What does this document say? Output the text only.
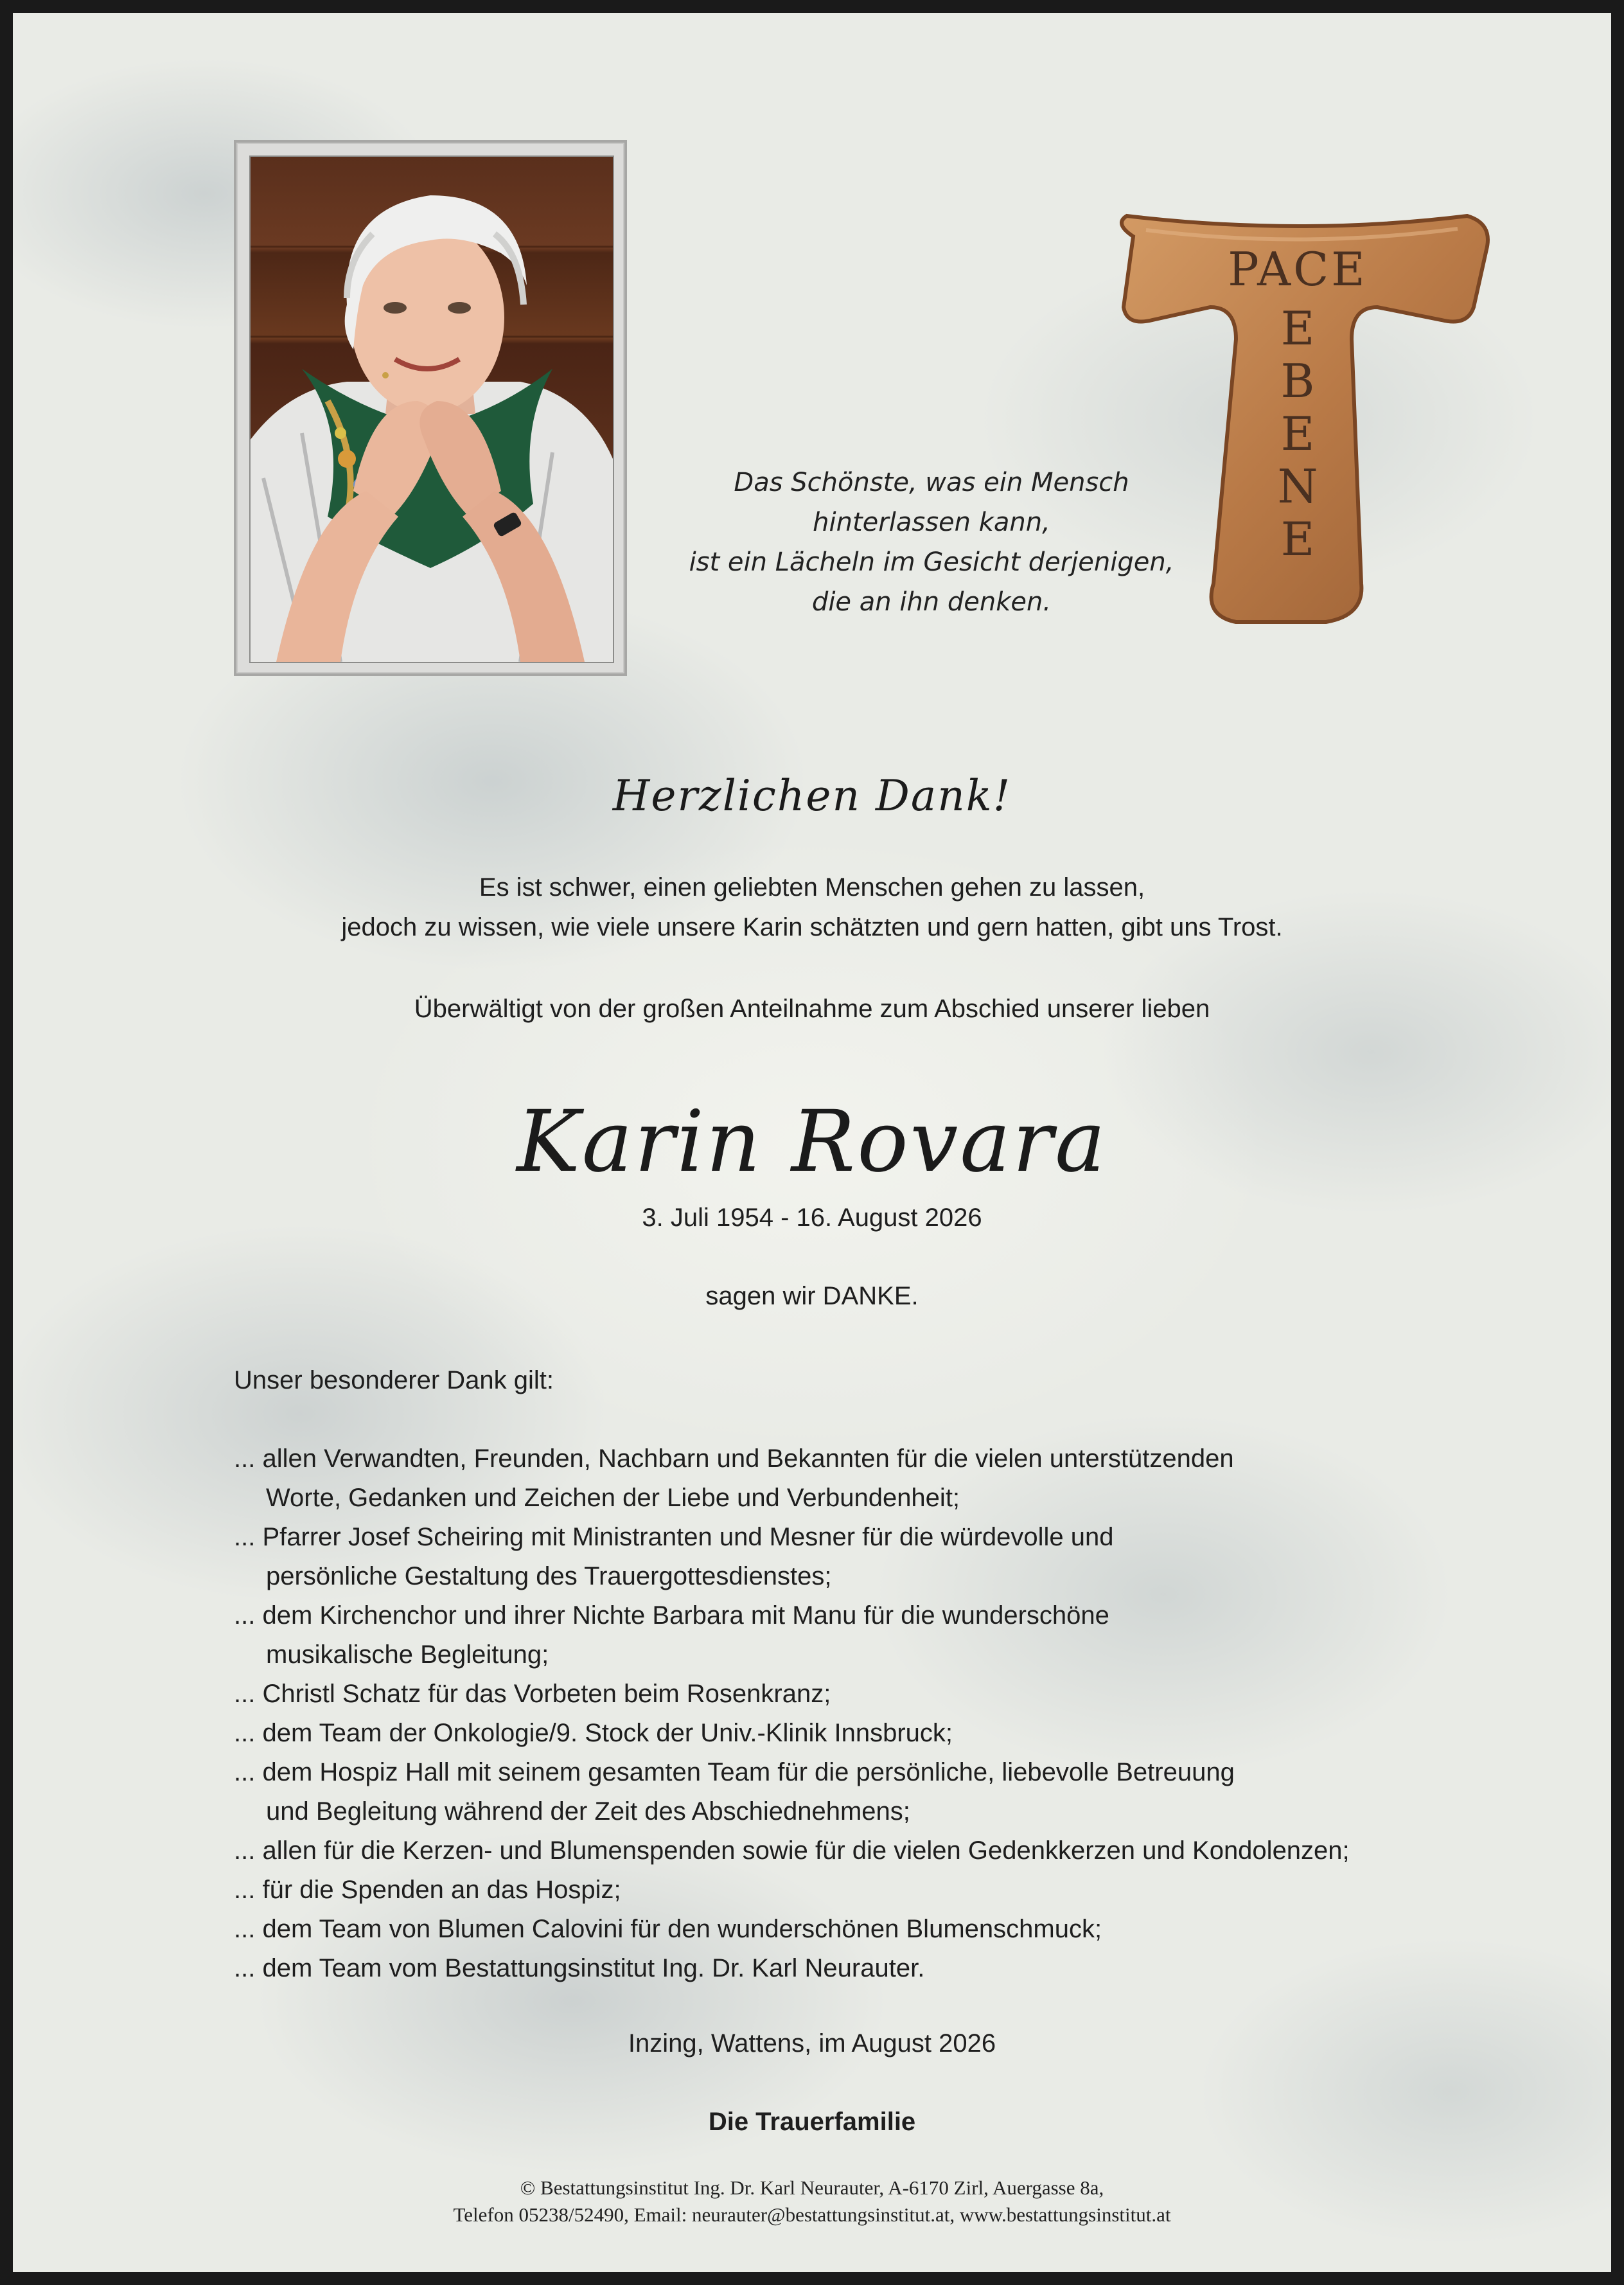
PACE
E
B
E
N
E
Das Schönste, was ein Mensch
hinterlassen kann,
ist ein Lächeln im Gesicht derjenigen,
die an ihn denken.
Herzlichen Dank!
Es ist schwer, einen geliebten Menschen gehen zu lassen,
jedoch zu wissen, wie viele unsere Karin schätzten und gern hatten, gibt uns Trost.
Überwältigt von der großen Anteilnahme zum Abschied unserer lieben
Karin Rovara
3. Juli 1954 - 16. August 2026
sagen wir DANKE.
Unser besonderer Dank gilt:
... allen Verwandten, Freunden, Nachbarn und Bekannten für die vielen unterstützenden
Worte, Gedanken und Zeichen der Liebe und Verbundenheit;
... Pfarrer Josef Scheiring mit Ministranten und Mesner für die würdevolle und
persönliche Gestaltung des Trauergottesdienstes;
... dem Kirchenchor und ihrer Nichte Barbara mit Manu für die wunderschöne
musikalische Begleitung;
... Christl Schatz für das Vorbeten beim Rosenkranz;
... dem Team der Onkologie/9. Stock der Univ.-Klinik Innsbruck;
... dem Hospiz Hall mit seinem gesamten Team für die persönliche, liebevolle Betreuung
und Begleitung während der Zeit des Abschiednehmens;
... allen für die Kerzen- und Blumenspenden sowie für die vielen Gedenkkerzen und Kondolenzen;
... für die Spenden an das Hospiz;
... dem Team von Blumen Calovini für den wunderschönen Blumenschmuck;
... dem Team vom Bestattungsinstitut Ing. Dr. Karl Neurauter.
Inzing, Wattens, im August 2026
Die Trauerfamilie
© Bestattungsinstitut Ing. Dr. Karl Neurauter, A-6170 Zirl, Auergasse 8a,
Telefon 05238/52490, Email: neurauter@bestattungsinstitut.at, www.bestattungsinstitut.at
